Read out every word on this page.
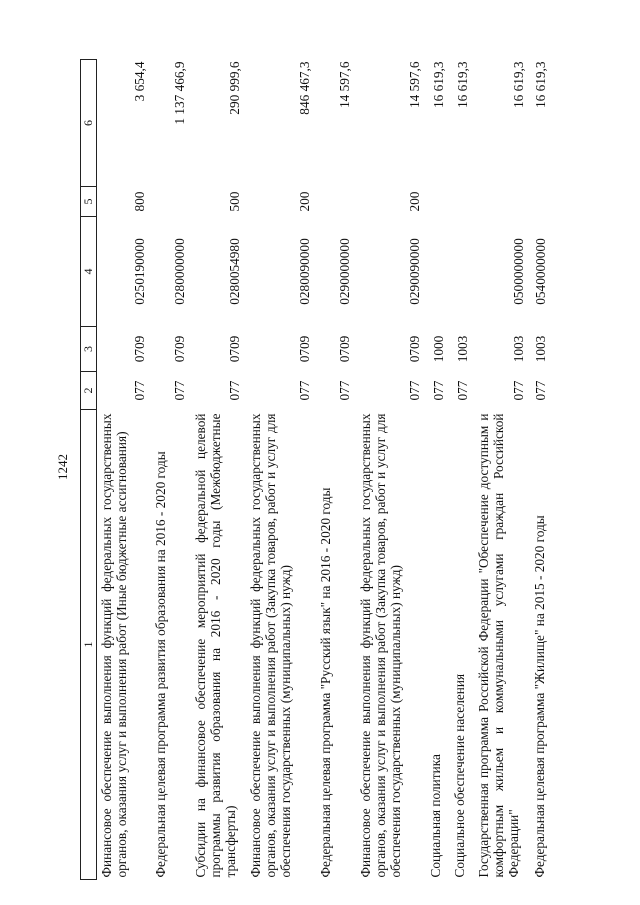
1242
1	2	3	4	5	6
Финансовое обеспечение выполнения функций федеральных государственных органов, оказания услуг и выполнения работ (Иные бюджетные ассигнования)	077	0709	0250190000	800	3 654,4
Федеральная целевая программа развития образования на 2016 - 2020 годы	077	0709	0280000000		1 137 466,9
Субсидии на финансовое обеспечение мероприятий федеральной целевой программы развития образования на 2016 - 2020 годы (Межбюджетные трансферты)	077	0709	0280054980	500	290 999,6
Финансовое обеспечение выполнения функций федеральных государственных органов, оказания услуг и выполнения работ (Закупка товаров, работ и услуг для обеспечения государственных (муниципальных) нужд)	077	0709	0280090000	200	846 467,3
Федеральная целевая программа "Русский язык" на 2016 - 2020 годы	077	0709	0290000000		14 597,6
Финансовое обеспечение выполнения функций федеральных государственных органов, оказания услуг и выполнения работ (Закупка товаров, работ и услуг для обеспечения государственных (муниципальных) нужд)	077	0709	0290090000	200	14 597,6
Социальная политика	077	1000			16 619,3
Социальное обеспечение населения	077	1003			16 619,3
Государственная программа Российской Федерации "Обеспечение доступным и комфортным жильем и коммунальными услугами граждан Российской Федерации"	077	1003	0500000000		16 619,3
Федеральная целевая программа "Жилище" на 2015 - 2020 годы	077	1003	0540000000		16 619,3
